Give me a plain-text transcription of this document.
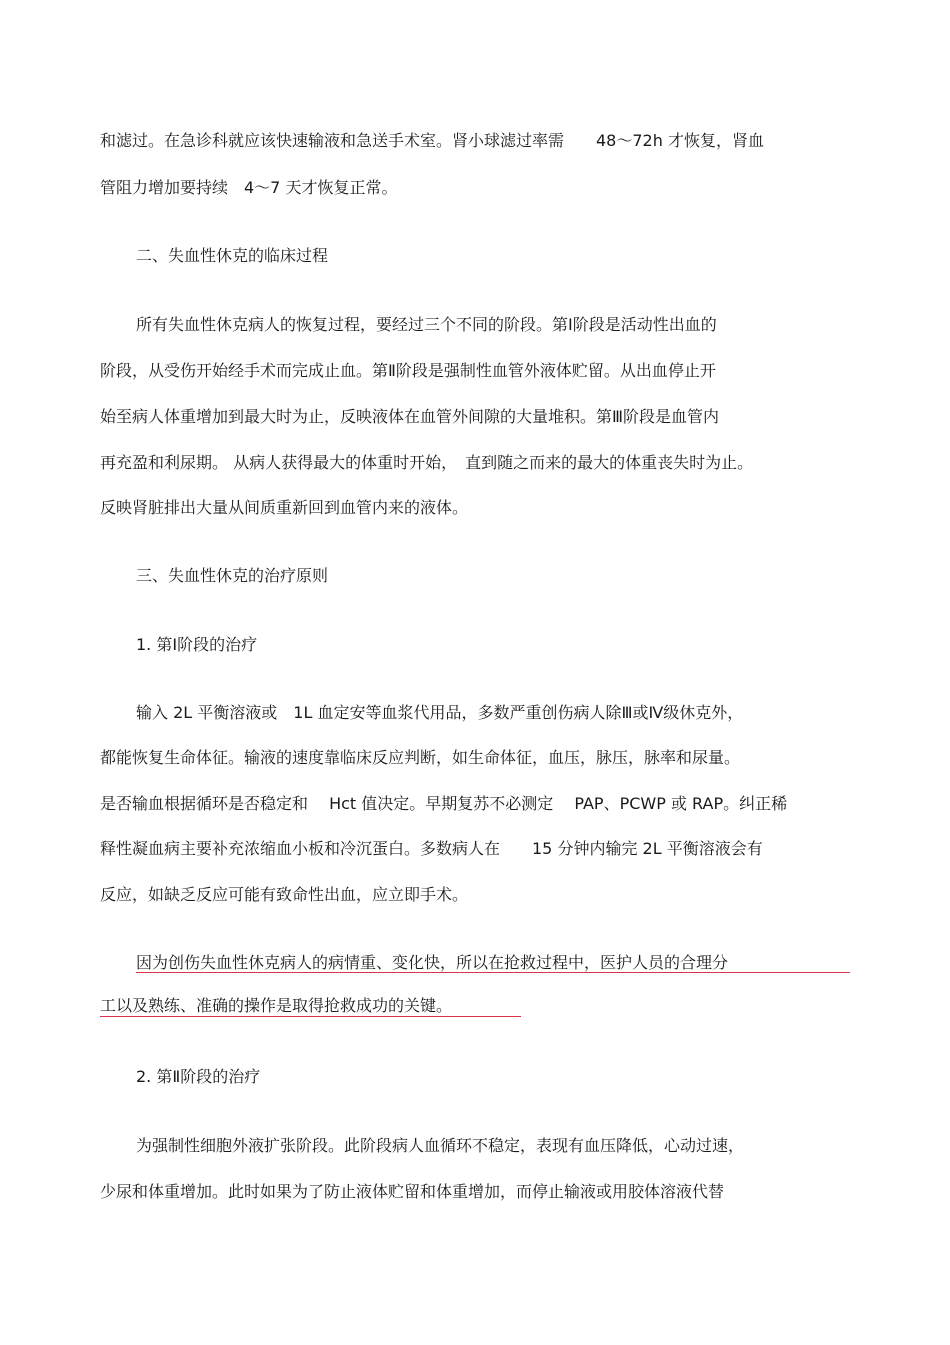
和滤过。在急诊科就应该快速输液和急送手术室。肾小球滤过率需　　48～72h 才恢复，肾血

管阻力增加要持续　4～7 天才恢复正常。

二、失血性休克的临床过程

所有失血性休克病人的恢复过程，要经过三个不同的阶段。第Ⅰ阶段是活动性出血的

阶段，从受伤开始经手术而完成止血。第Ⅱ阶段是强制性血管外液体贮留。从出血停止开

始至病人体重增加到最大时为止，反映液体在血管外间隙的大量堆积。第Ⅲ阶段是血管内

再充盈和利尿期。 从病人获得最大的体重时开始，　直到随之而来的最大的体重丧失时为止。

反映肾脏排出大量从间质重新回到血管内来的液体。

三、失血性休克的治疗原则

1. 第Ⅰ阶段的治疗

输入 2L 平衡溶液或　1L 血定安等血浆代用品，多数严重创伤病人除Ⅲ或Ⅳ级休克外，

都能恢复生命体征。输液的速度靠临床反应判断，如生命体征，血压，脉压，脉率和尿量。

是否输血根据循环是否稳定和　 Hct 值决定。早期复苏不必测定　 PAP、PCWP 或 RAP。纠正稀

释性凝血病主要补充浓缩血小板和冷沉蛋白。多数病人在　　15 分钟内输完 2L 平衡溶液会有

反应，如缺乏反应可能有致命性出血，应立即手术。

因为创伤失血性休克病人的病情重、变化快，所以在抢救过程中，医护人员的合理分

工以及熟练、准确的操作是取得抢救成功的关键。

2. 第Ⅱ阶段的治疗

为强制性细胞外液扩张阶段。此阶段病人血循环不稳定，表现有血压降低，心动过速，

少尿和体重增加。此时如果为了防止液体贮留和体重增加，而停止输液或用胶体溶液代替
